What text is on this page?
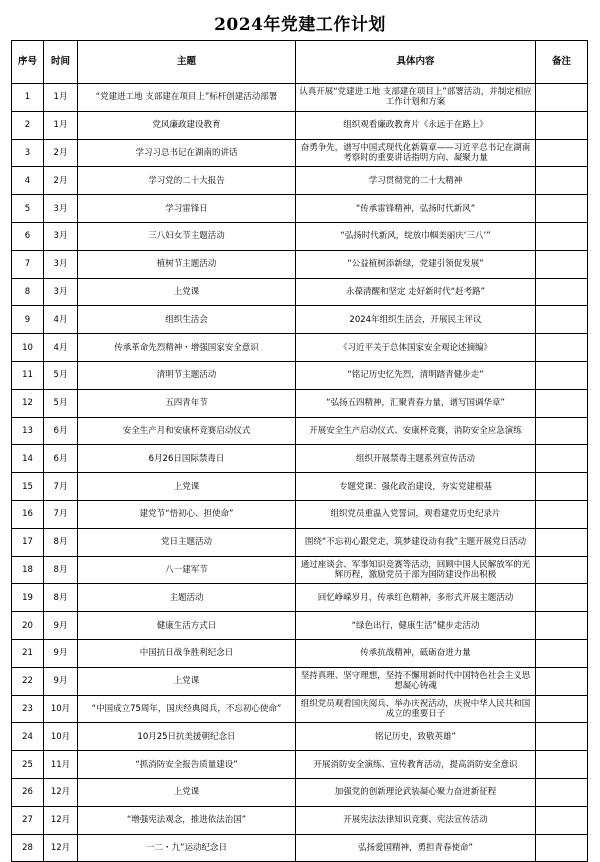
2024年党建工作计划
序号	时间	主题	具体内容	备注
1	1月	“党建进工地 支部建在项目上”标杆创建活动部署	认真开展“党建进工地 支部建在项目上”部署活动，并制定相应工作计划和方案	
2	1月	党风廉政建设教育	组织观看廉政教育片《永远于在路上》	
3	2月	学习习总书记在湖南的讲话	奋勇争先，谱写中国式现代化新篇章——习近平总书记在湖南考察时的重要讲话指明方向、凝聚力量	
4	2月	学习党的二十大报告	学习贯彻党的二十大精神	
5	3月	学习雷锋日	“传承雷锋精神，弘扬时代新风”	
6	3月	三八妇女节主题活动	“弘扬时代新风，绽放巾帼美丽庆‘三八’”	
7	3月	植树节主题活动	“公益植树添新绿，党建引领促发展”	
8	3月	上党课	永葆清醒和坚定 走好新时代“赶考路”	
9	4月	组织生活会	2024年组织生活会，开展民主评议	
10	4月	传承革命先烈精神・增强国家安全意识	《习近平关于总体国家安全观论述摘编》	
11	5月	清明节主题活动	“铭记历史忆先烈，清明踏青健步走”	
12	5月	五四青年节	“弘扬五四精神，汇聚青春力量，谱写国调华章”	
13	6月	安全生产月和安康杯竞赛启动仪式	开展安全生产启动仪式、安康杯竞赛，消防安全应急演练	
14	6月	6月26日国际禁毒日	组织开展禁毒主题系列宣传活动	
15	7月	上党课	专题党课：强化政治建设，夯实党建根基	
16	7月	建党节“悟初心、担使命”	组织党员重温入党誓词，观看建党历史纪录片	
17	8月	党日主题活动	围绕“不忘初心跟党走，筑梦建设动有我”主题开展党日活动	
18	8月	八一建军节	通过座谈会、军事知识竞赛等活动，回顾中国人民解放军的光辉历程，激励党员干部为国防建设作出积极	
19	8月	主题活动	回忆峥嵘岁月，传承红色精神，多形式开展主题活动	
20	9月	健康生活方式日	“绿色出行，健康生活”健步走活动	
21	9月	中国抗日战争胜利纪念日	传承抗战精神，砥砺奋进力量	
22	9月	上党课	坚持真理、坚守理想，坚持不懈用新时代中国特色社会主义思想凝心铸魂	
23	10月	“中国成立75周年，国庆经典阅兵，不忘初心使命”	组织党员观看国庆阅兵、举办庆祝活动，庆祝中华人民共和国成立的重要日子	
24	10月	10月25日抗美援朝纪念日	铭记历史，致敬英雄”	
25	11月	“抓消防安全报告质量建设”	开展消防安全演练、宣传教育活动，提高消防安全意识	
26	12月	上党课	加强党的创新理论武装凝心聚力奋进新征程	
27	12月	“增强宪法观念，推进依法治国”	开展宪法法律知识竞赛、宪法宣传活动	
28	12月	一二・九”运动纪念日	弘扬爱国精神，勇担青春使命”	
